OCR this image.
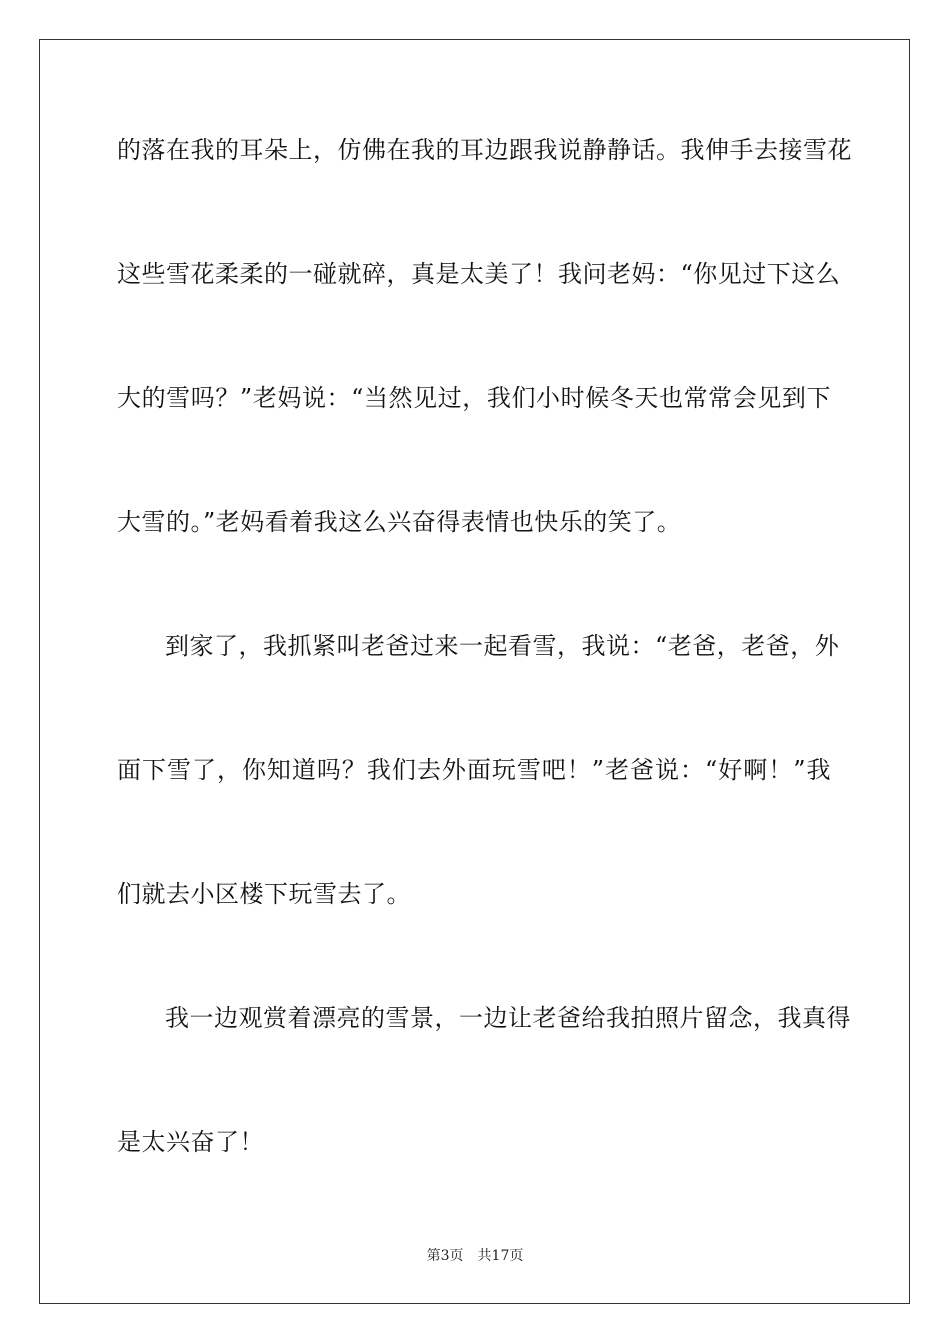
的落在我的耳朵上，仿佛在我的耳边跟我说静静话。我伸手去接雪花
这些雪花柔柔的一碰就碎，真是太美了！我问老妈：“你见过下这么
大的雪吗？”老妈说：“当然见过，我们小时候冬天也常常会见到下
大雪的。”老妈看着我这么兴奋得表情也快乐的笑了。
到家了，我抓紧叫老爸过来一起看雪，我说：“老爸，老爸，外
面下雪了，你知道吗？我们去外面玩雪吧！”老爸说：“好啊！”我
们就去小区楼下玩雪去了。
我一边观赏着漂亮的雪景，一边让老爸给我拍照片留念，我真得
是太兴奋了！
第3页　共17页
